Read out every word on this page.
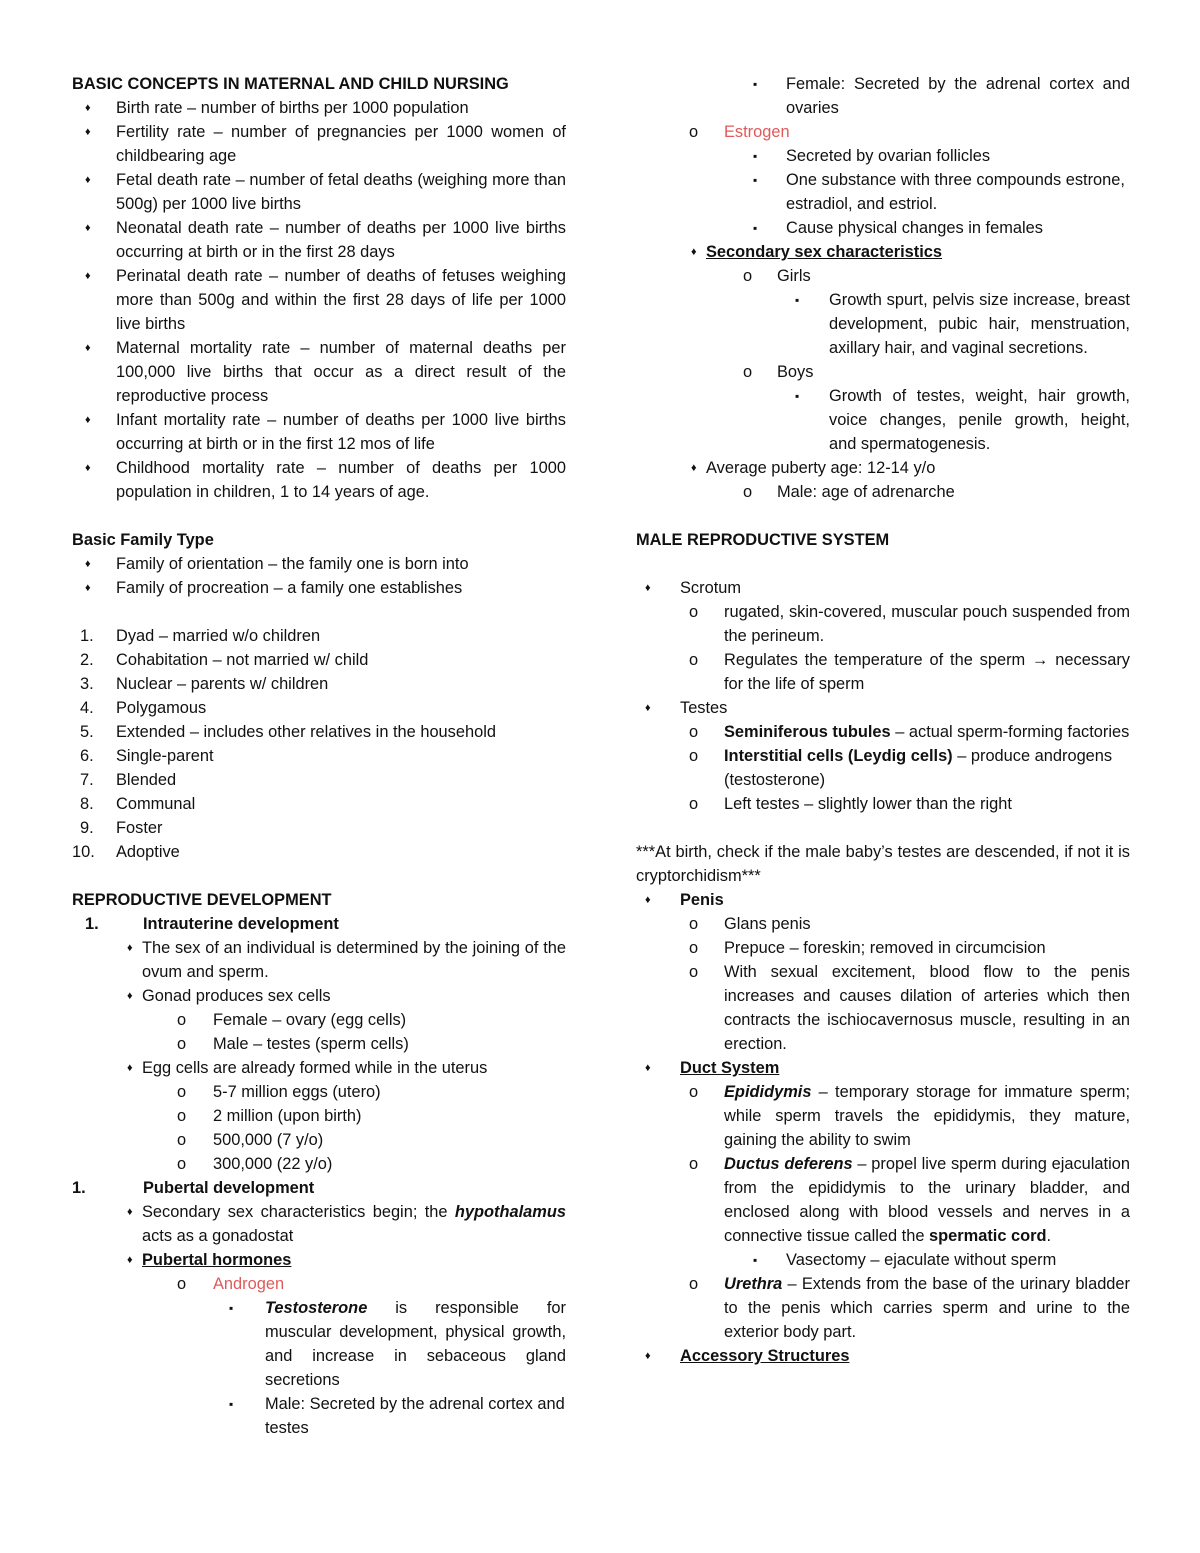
BASIC CONCEPTS IN MATERNAL AND CHILD NURSING

♦ Birth rate – number of births per 1000 population
♦ Fertility rate – number of pregnancies per 1000 women of childbearing age
♦ Fetal death rate – number of fetal deaths (weighing more than 500g) per 1000 live births
♦ Neonatal death rate – number of deaths per 1000 live births occurring at birth or in the first 28 days
♦ Perinatal death rate – number of deaths of fetuses weighing more than 500g and within the first 28 days of life per 1000 live births
♦ Maternal mortality rate – number of maternal deaths per 100,000 live births that occur as a direct result of the reproductive process
♦ Infant mortality rate – number of deaths per 1000 live births occurring at birth or in the first 12 mos of life
♦ Childhood mortality rate – number of deaths per 1000 population in children, 1 to 14 years of age.

Basic Family Type

♦ Family of orientation – the family one is born into
♦ Family of procreation – a family one establishes
1. Dyad – married w/o children
2. Cohabitation – not married w/ child
3. Nuclear – parents w/ children
4. Polygamous
5. Extended – includes other relatives in the household
6. Single-parent
7. Blended
8. Communal
9. Foster
10. Adoptive

REPRODUCTIVE DEVELOPMENT

1.	Intrauterine development
♦ The sex of an individual is determined by the joining of the ovum and sperm.
♦ Gonad produces sex cells
o Female – ovary (egg cells)
o Male – testes (sperm cells)
♦ Egg cells are already formed while in the uterus
o 5-7 million eggs (utero)
o 2 million (upon birth)
o 500,000 (7 y/o)
o 300,000 (22 y/o)
1.	Pubertal development
♦ Secondary sex characteristics begin; the hypothalamus acts as a gonadostat
♦ Pubertal hormones
o Androgen
▪ Testosterone is responsible for muscular development, physical growth, and increase in sebaceous gland secretions
▪ Male: Secreted by the adrenal cortex and testes
▪ Female: Secreted by the adrenal cortex and ovaries
o Estrogen
▪ Secreted by ovarian follicles
▪ One substance with three compounds estrone, estradiol, and estriol.
▪ Cause physical changes in females
♦ Secondary sex characteristics
o Girls
▪ Growth spurt, pelvis size increase, breast development, pubic hair, menstruation, axillary hair, and vaginal secretions.
o Boys
▪ Growth of testes, weight, hair growth, voice changes, penile growth, height, and spermatogenesis.
♦ Average puberty age: 12-14 y/o
o Male: age of adrenarche

MALE REPRODUCTIVE SYSTEM

♦ Scrotum
o rugated, skin-covered, muscular pouch suspended from the perineum.
o Regulates the temperature of the sperm → necessary for the life of sperm
♦ Testes
o Seminiferous tubules – actual sperm-forming factories
o Interstitial cells (Leydig cells) – produce androgens (testosterone)
o Left testes – slightly lower than the right

***At birth, check if the male baby’s testes are descended, if not it is cryptorchidism***

♦ Penis
o Glans penis
o Prepuce – foreskin; removed in circumcision
o With sexual excitement, blood flow to the penis increases and causes dilation of arteries which then contracts the ischiocavernosus muscle, resulting in an erection.
♦ Duct System
o Epididymis – temporary storage for immature sperm; while sperm travels the epididymis, they mature, gaining the ability to swim
o Ductus deferens – propel live sperm during ejaculation from the epididymis to the urinary bladder, and enclosed along with blood vessels and nerves in a connective tissue called the spermatic cord.
▪ Vasectomy – ejaculate without sperm
o Urethra – Extends from the base of the urinary bladder to the penis which carries sperm and urine to the exterior body part.
♦ Accessory Structures
